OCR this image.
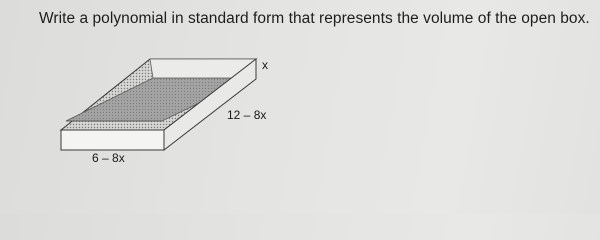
Write a polynomial in standard form that represents the volume of the open box.

x
12 – 8x
6 – 8x
